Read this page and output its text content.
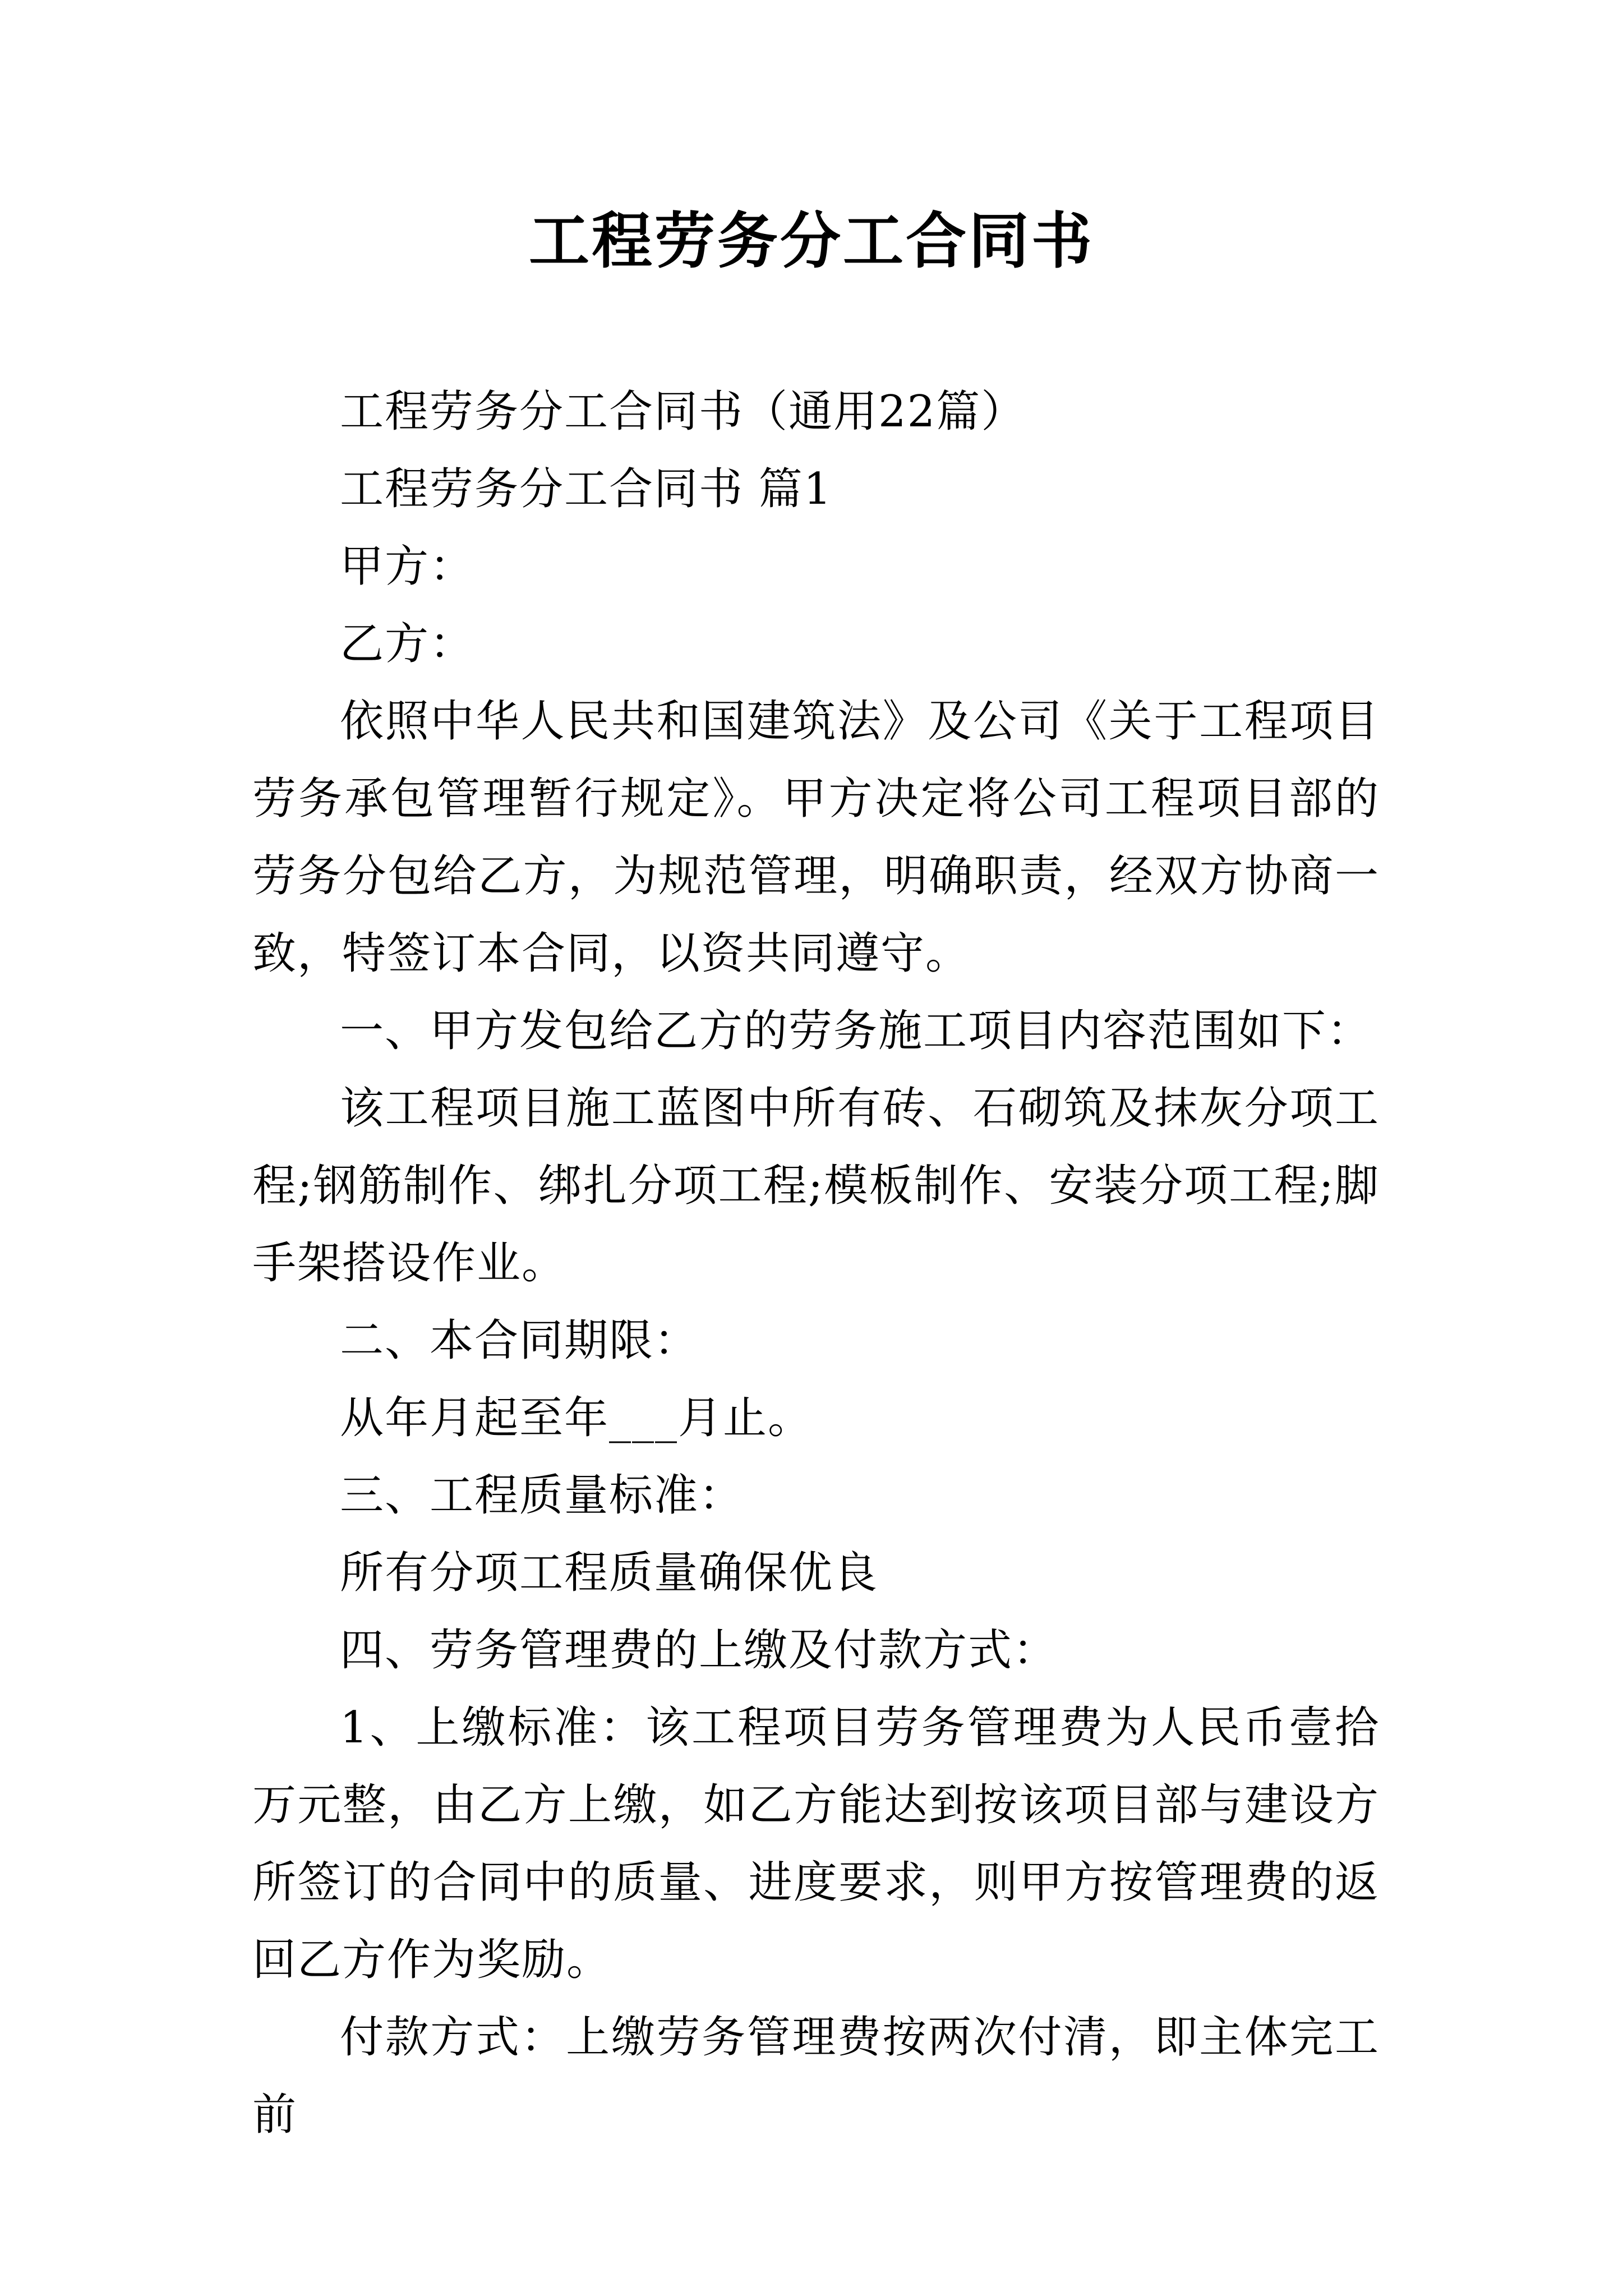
工程劳务分工合同书

工程劳务分工合同书（通用22篇）

工程劳务分工合同书 篇1

甲方：

乙方：

依照中华人民共和国建筑法》及公司《关于工程项目劳务承包管理暂行规定》。甲方决定将公司工程项目部的劳务分包给乙方，为规范管理，明确职责，经双方协商一致，特签订本合同，以资共同遵守。

一、甲方发包给乙方的劳务施工项目内容范围如下：

该工程项目施工蓝图中所有砖、石砌筑及抹灰分项工程;钢筋制作、绑扎分项工程;模板制作、安装分项工程;脚手架搭设作业。

二、本合同期限：

从年月起至年___月止。

三、工程质量标准：

所有分项工程质量确保优良

四、劳务管理费的上缴及付款方式：

1、上缴标准：该工程项目劳务管理费为人民币壹拾万元整，由乙方上缴，如乙方能达到按该项目部与建设方所签订的合同中的质量、进度要求，则甲方按管理费的返回乙方作为奖励。

付款方式：上缴劳务管理费按两次付清，即主体完工前
